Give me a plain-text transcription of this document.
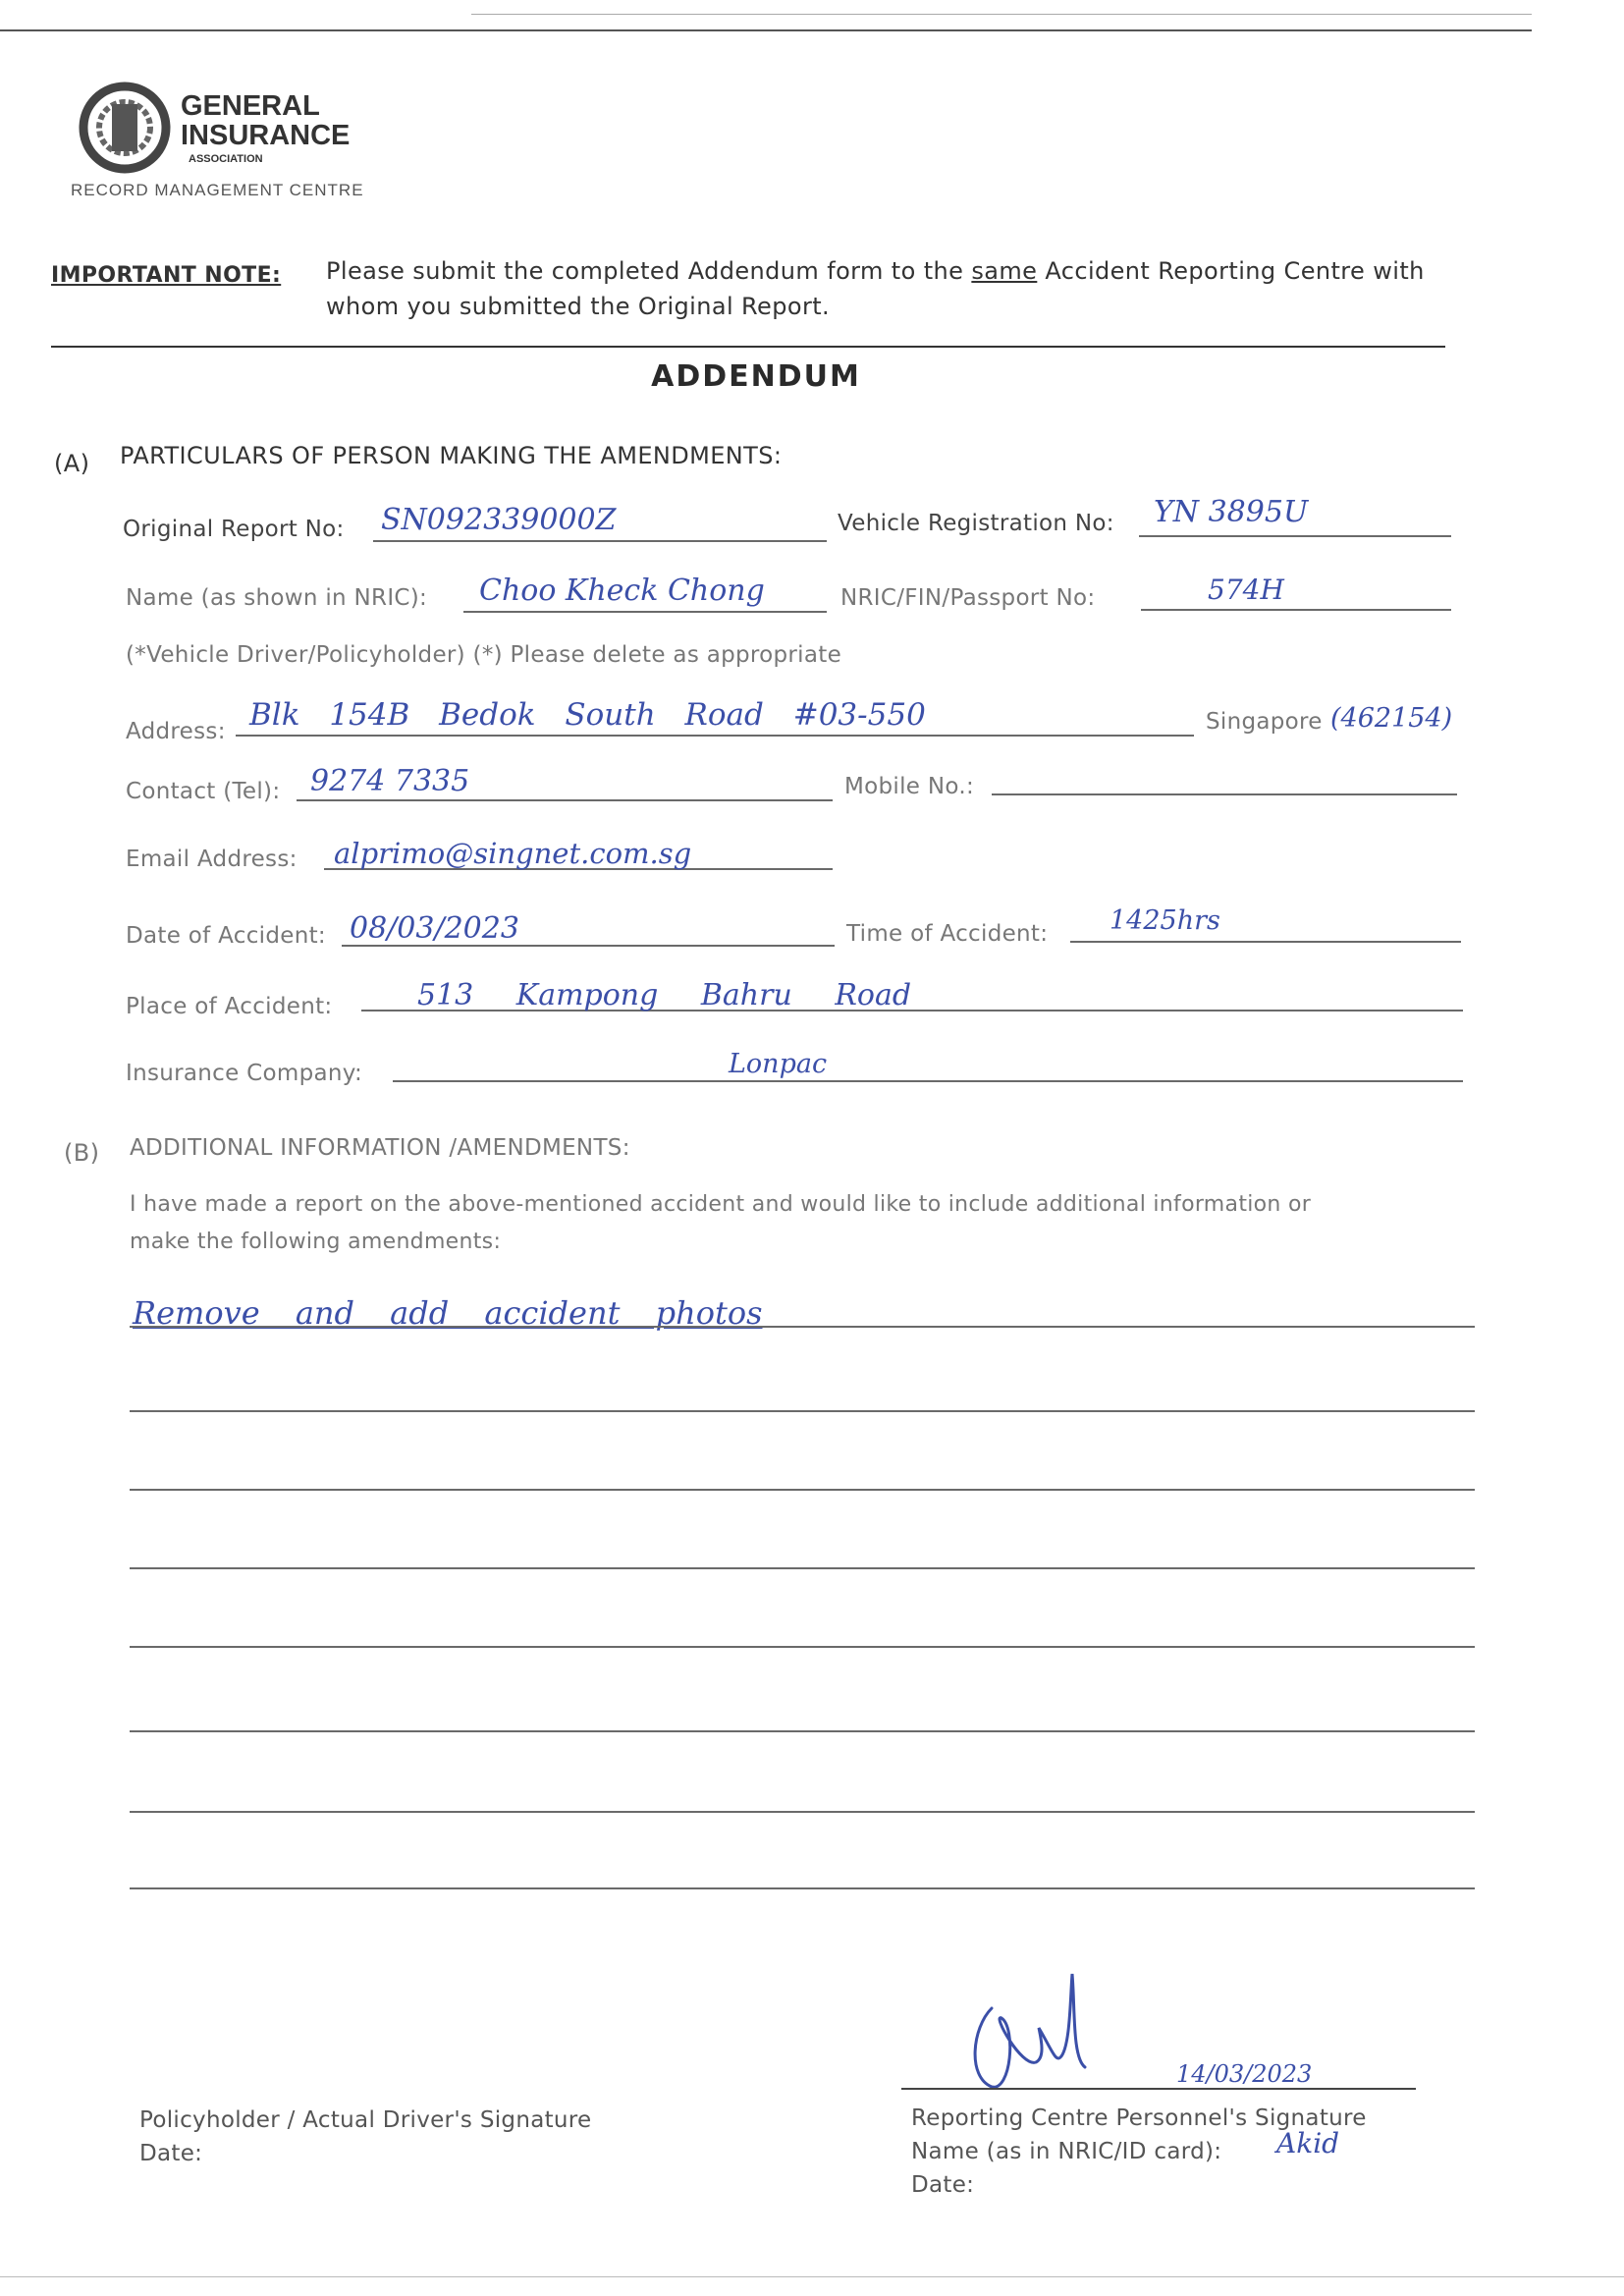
GENERAL
INSURANCE
ASSOCIATION
RECORD MANAGEMENT CENTRE
IMPORTANT NOTE: Please submit the completed Addendum form to the same Accident Reporting Centre with
whom you submitted the Original Report.
ADDENDUM
(A) PARTICULARS OF PERSON MAKING THE AMENDMENTS:
Original Report No: SN092339000Z	Vehicle Registration No: YN 3895U
Name (as shown in NRIC): Choo Kheck Chong	NRIC/FIN/Passport No:	574H
(*Vehicle Driver/Policyholder) (*) Please delete as appropriate
Address: Blk 154B Bedok South Road #03-550	Singapore (462154)
Contact (Tel): 9274 7335	Mobile No.:
Email Address: alprimo@singnet.com.sg
Date of Accident: 08/03/2023	Time of Accident: 1425hrs
Place of Accident:	513 Kampong Bahru Road
Insurance Company:	Lonpac
(B) ADDITIONAL INFORMATION /AMENDMENTS:
I have made a report on the above-mentioned accident and would like to include additional information or
make the following amendments:
Remove and add accident photos
Policyholder / Actual Driver's Signature
Date:
14/03/2023
Reporting Centre Personnel's Signature
Name (as in NRIC/ID card): Akid
Date:
